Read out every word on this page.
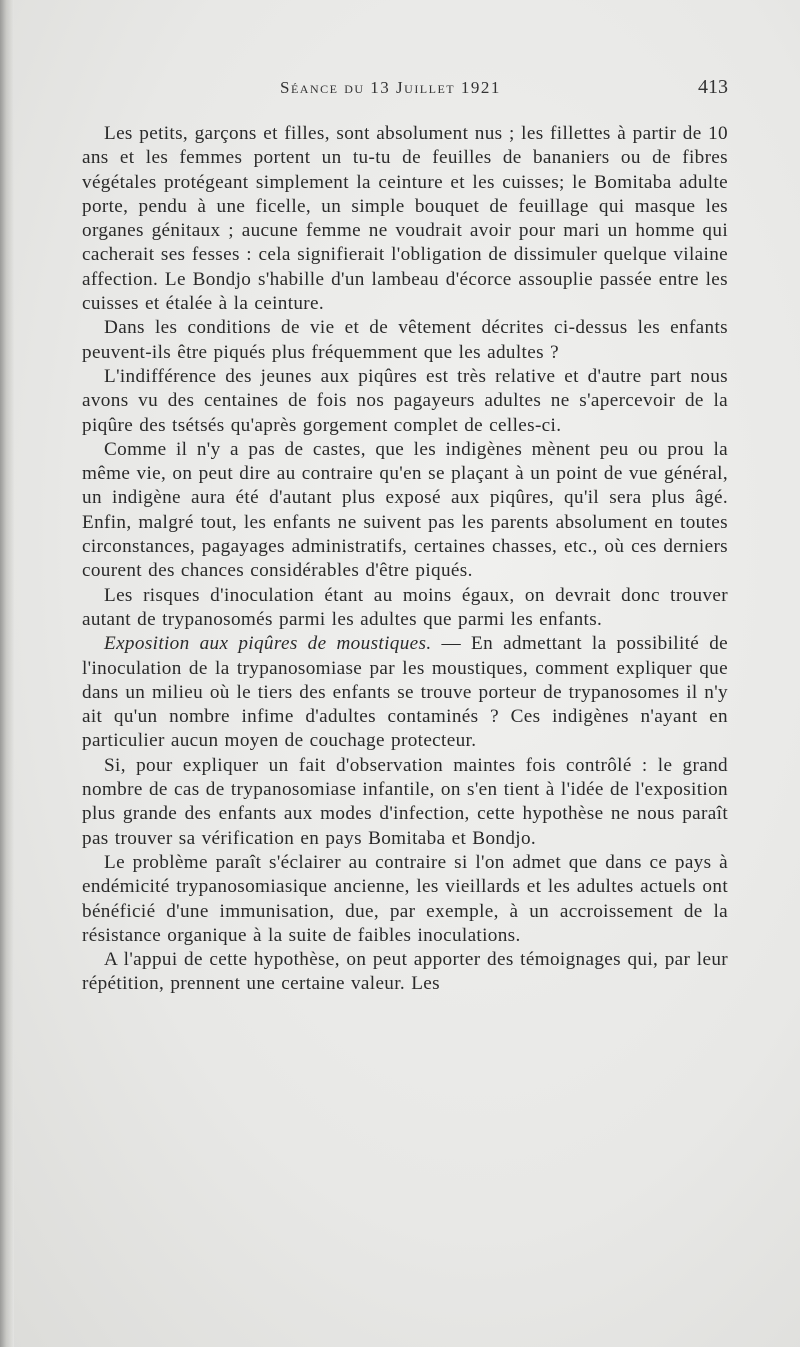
Séance du 13 Juillet 1921	413

Les petits, garçons et filles, sont absolument nus ; les fillettes à partir de 10 ans et les femmes portent un tu-tu de feuilles de bananiers ou de fibres végétales protégeant simplement la ceinture et les cuisses; le Bomitaba adulte porte, pendu à une ficelle, un simple bouquet de feuillage qui masque les organes génitaux ; aucune femme ne voudrait avoir pour mari un homme qui cacherait ses fesses : cela signifierait l'obligation de dissimuler quelque vilaine affection. Le Bondjo s'habille d'un lambeau d'écorce assouplie passée entre les cuisses et étalée à la ceinture.

Dans les conditions de vie et de vêtement décrites ci-dessus les enfants peuvent-ils être piqués plus fréquemment que les adultes ?

L'indifférence des jeunes aux piqûres est très relative et d'autre part nous avons vu des centaines de fois nos pagayeurs adultes ne s'apercevoir de la piqûre des tsétsés qu'après gorgement complet de celles-ci.

Comme il n'y a pas de castes, que les indigènes mènent peu ou prou la même vie, on peut dire au contraire qu'en se plaçant à un point de vue général, un indigène aura été d'autant plus exposé aux piqûres, qu'il sera plus âgé. Enfin, malgré tout, les enfants ne suivent pas les parents absolument en toutes circonstances, pagayages administratifs, certaines chasses, etc., où ces derniers courent des chances considérables d'être piqués.

Les risques d'inoculation étant au moins égaux, on devrait donc trouver autant de trypanosomés parmi les adultes que parmi les enfants.

Exposition aux piqûres de moustiques. — En admettant la possibilité de l'inoculation de la trypanosomiase par les moustiques, comment expliquer que dans un milieu où le tiers des enfants se trouve porteur de trypanosomes il n'y ait qu'un nombre infime d'adultes contaminés ? Ces indigènes n'ayant en particulier aucun moyen de couchage protecteur.

Si, pour expliquer un fait d'observation maintes fois contrôlé : le grand nombre de cas de trypanosomiase infantile, on s'en tient à l'idée de l'exposition plus grande des enfants aux modes d'infection, cette hypothèse ne nous paraît pas trouver sa vérification en pays Bomitaba et Bondjo.

Le problème paraît s'éclairer au contraire si l'on admet que dans ce pays à endémicité trypanosomiasique ancienne, les vieillards et les adultes actuels ont bénéficié d'une immunisation, due, par exemple, à un accroissement de la résistance organique à la suite de faibles inoculations.

A l'appui de cette hypothèse, on peut apporter des témoignages qui, par leur répétition, prennent une certaine valeur. Les
